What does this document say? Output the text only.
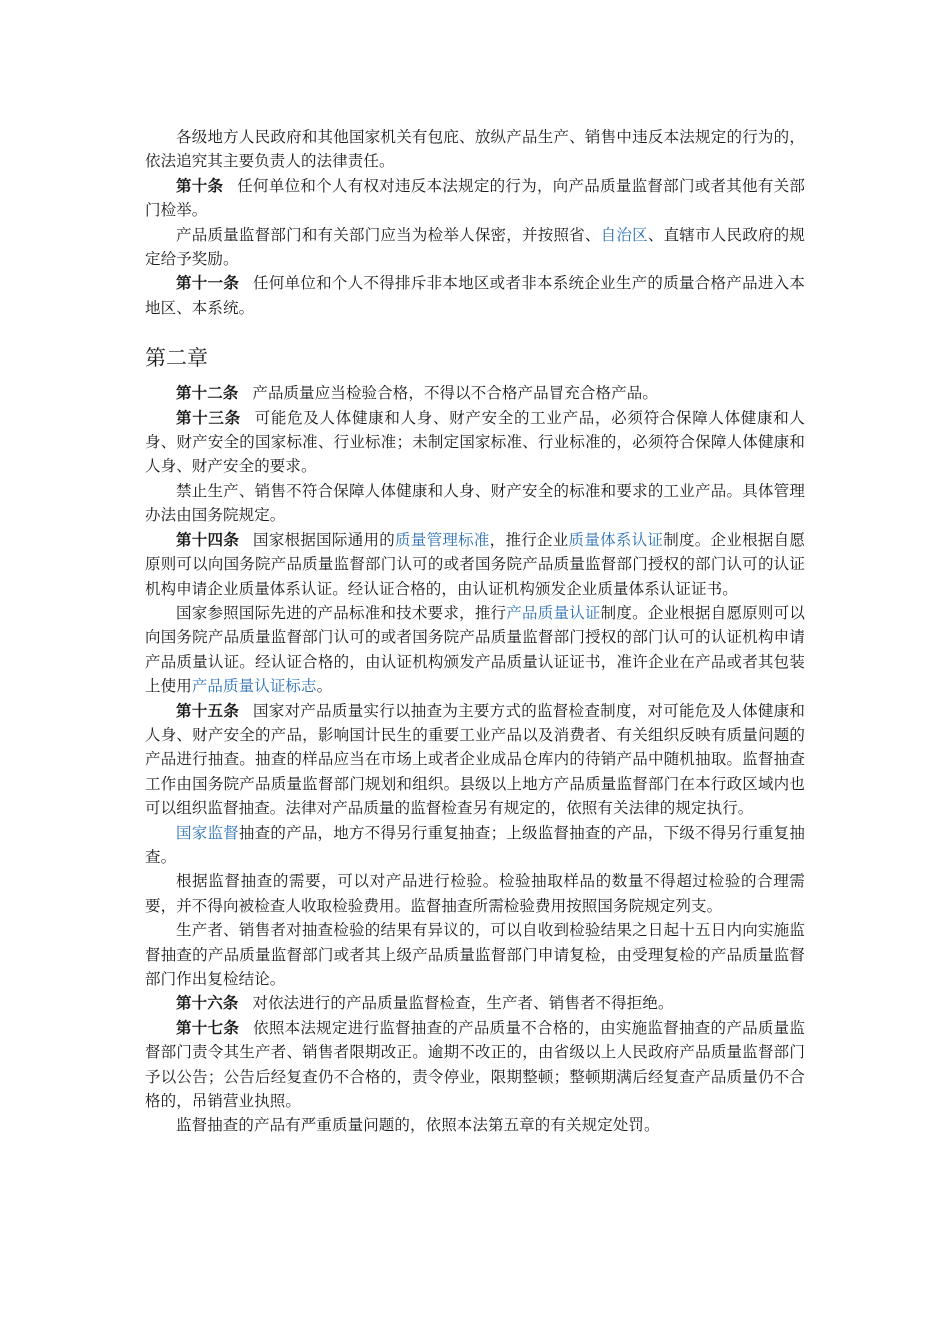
各级地方人民政府和其他国家机关有包庇、放纵产品生产、销售中违反本法规定的行为的，依法追究其主要负责人的法律责任。

第十条 任何单位和个人有权对违反本法规定的行为，向产品质量监督部门或者其他有关部门检举。

产品质量监督部门和有关部门应当为检举人保密，并按照省、自治区、直辖市人民政府的规定给予奖励。

第十一条 任何单位和个人不得排斥非本地区或者非本系统企业生产的质量合格产品进入本地区、本系统。

第二章

第十二条 产品质量应当检验合格，不得以不合格产品冒充合格产品。

第十三条 可能危及人体健康和人身、财产安全的工业产品，必须符合保障人体健康和人身、财产安全的国家标准、行业标准；未制定国家标准、行业标准的，必须符合保障人体健康和人身、财产安全的要求。

禁止生产、销售不符合保障人体健康和人身、财产安全的标准和要求的工业产品。具体管理办法由国务院规定。

第十四条 国家根据国际通用的质量管理标准，推行企业质量体系认证制度。企业根据自愿原则可以向国务院产品质量监督部门认可的或者国务院产品质量监督部门授权的部门认可的认证机构申请企业质量体系认证。经认证合格的，由认证机构颁发企业质量体系认证证书。

国家参照国际先进的产品标准和技术要求，推行产品质量认证制度。企业根据自愿原则可以向国务院产品质量监督部门认可的或者国务院产品质量监督部门授权的部门认可的认证机构申请产品质量认证。经认证合格的，由认证机构颁发产品质量认证证书，准许企业在产品或者其包装上使用产品质量认证标志。

第十五条 国家对产品质量实行以抽查为主要方式的监督检查制度，对可能危及人体健康和人身、财产安全的产品，影响国计民生的重要工业产品以及消费者、有关组织反映有质量问题的产品进行抽查。抽查的样品应当在市场上或者企业成品仓库内的待销产品中随机抽取。监督抽查工作由国务院产品质量监督部门规划和组织。县级以上地方产品质量监督部门在本行政区域内也可以组织监督抽查。法律对产品质量的监督检查另有规定的，依照有关法律的规定执行。

国家监督抽查的产品，地方不得另行重复抽查；上级监督抽查的产品，下级不得另行重复抽查。

根据监督抽查的需要，可以对产品进行检验。检验抽取样品的数量不得超过检验的合理需要，并不得向被检查人收取检验费用。监督抽查所需检验费用按照国务院规定列支。

生产者、销售者对抽查检验的结果有异议的，可以自收到检验结果之日起十五日内向实施监督抽查的产品质量监督部门或者其上级产品质量监督部门申请复检，由受理复检的产品质量监督部门作出复检结论。

第十六条 对依法进行的产品质量监督检查，生产者、销售者不得拒绝。

第十七条 依照本法规定进行监督抽查的产品质量不合格的，由实施监督抽查的产品质量监督部门责令其生产者、销售者限期改正。逾期不改正的，由省级以上人民政府产品质量监督部门予以公告；公告后经复查仍不合格的，责令停业，限期整顿；整顿期满后经复查产品质量仍不合格的，吊销营业执照。

监督抽查的产品有严重质量问题的，依照本法第五章的有关规定处罚。
